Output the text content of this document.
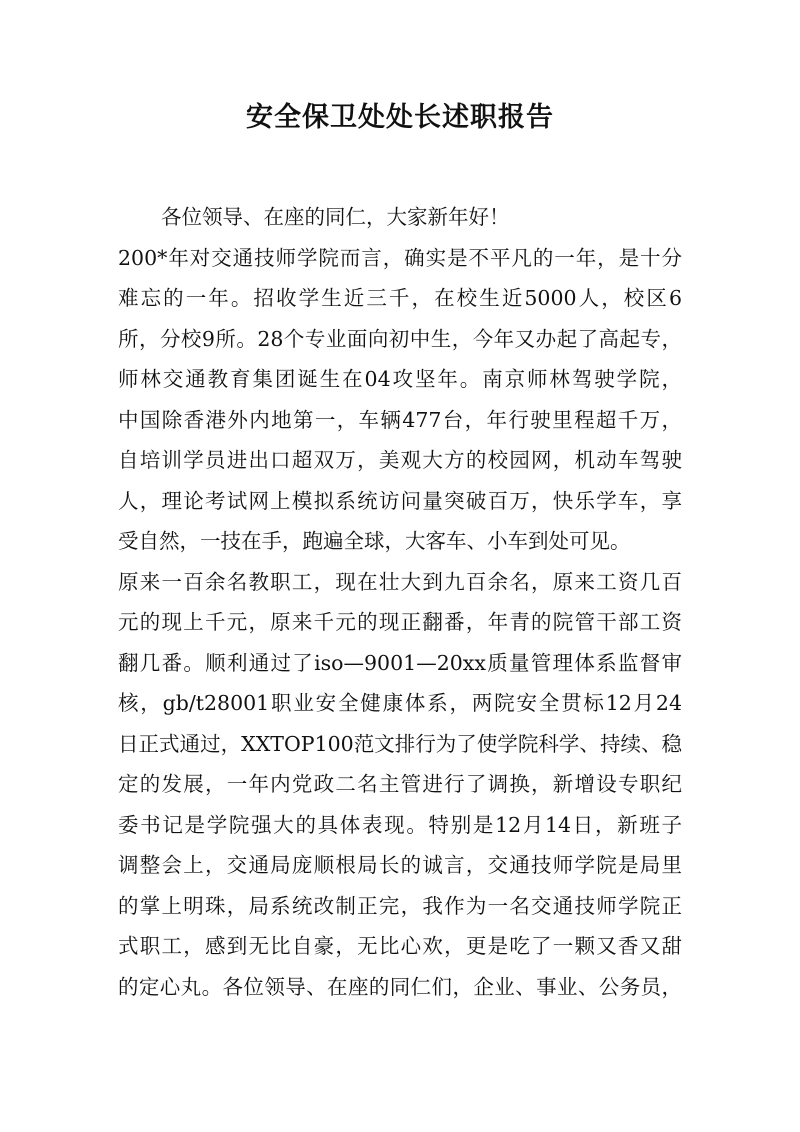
安全保卫处处长述职报告
各位领导、在座的同仁，大家新年好！
200*年对交通技师学院而言，确实是不平凡的一年，是十分
难忘的一年。招收学生近三千，在校生近5000人，校区6
所，分校9所。28个专业面向初中生，今年又办起了高起专，
师林交通教育集团诞生在04攻坚年。南京师林驾驶学院，
中国除香港外内地第一，车辆477台，年行驶里程超千万，
自培训学员进出口超双万，美观大方的校园网，机动车驾驶
人，理论考试网上模拟系统访问量突破百万，快乐学车，享
受自然，一技在手，跑遍全球，大客车、小车到处可见。
原来一百余名教职工，现在壮大到九百余名，原来工资几百
元的现上千元，原来千元的现正翻番，年青的院管干部工资
翻几番。顺利通过了iso—9001—20xx质量管理体系监督审
核，gb/t28001职业安全健康体系，两院安全贯标12月24
日正式通过，XXTOP100范文排行为了使学院科学、持续、稳
定的发展，一年内党政二名主管进行了调换，新增设专职纪
委书记是学院强大的具体表现。特别是12月14日，新班子
调整会上，交通局庞顺根局长的诚言，交通技师学院是局里
的掌上明珠，局系统改制正完，我作为一名交通技师学院正
式职工，感到无比自豪，无比心欢，更是吃了一颗又香又甜
的定心丸。各位领导、在座的同仁们，企业、事业、公务员，
